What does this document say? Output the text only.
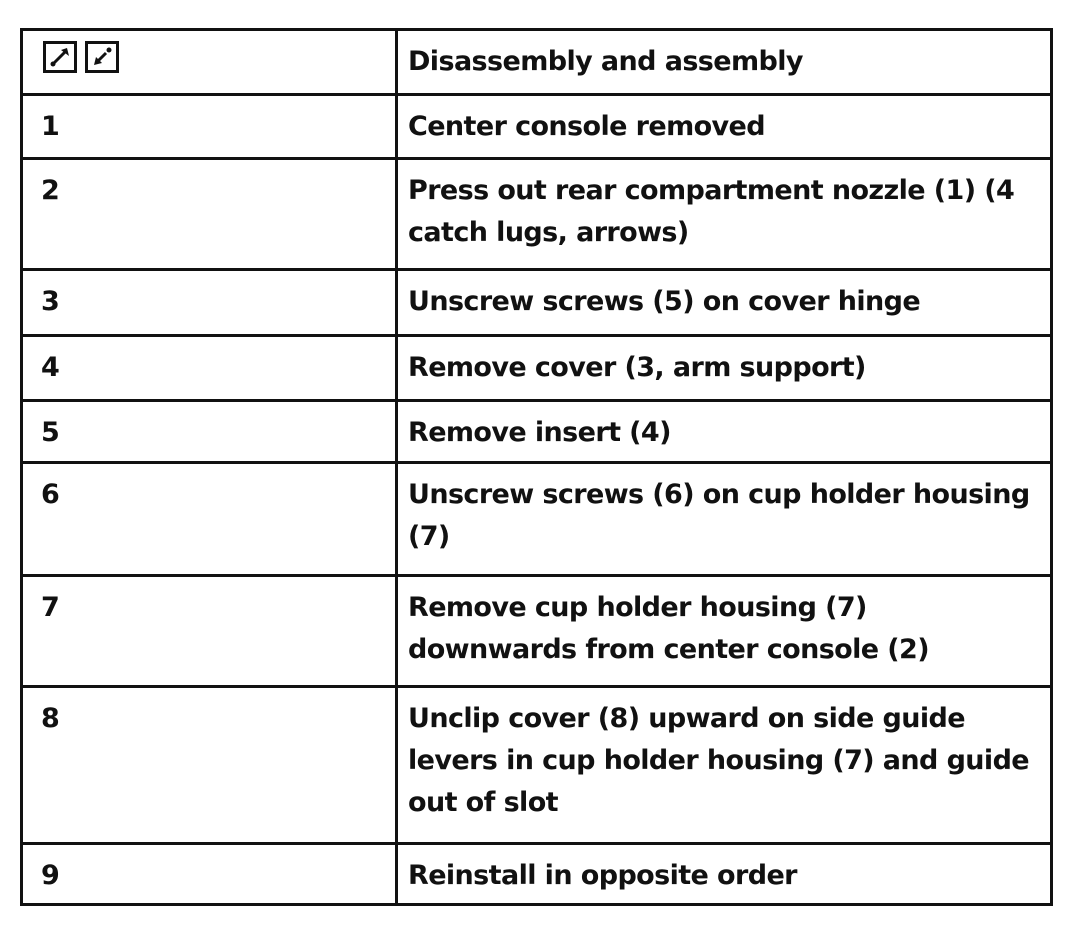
	Disassembly and assembly
1	Center console removed
2	Press out rear compartment nozzle (1) (4 catch lugs, arrows)
3	Unscrew screws (5) on cover hinge
4	Remove cover (3, arm support)
5	Remove insert (4)
6	Unscrew screws (6) on cup holder housing (7)
7	Remove cup holder housing (7) downwards from center console (2)
8	Unclip cover (8) upward on side guide levers in cup holder housing (7) and guide out of slot
9	Reinstall in opposite order
